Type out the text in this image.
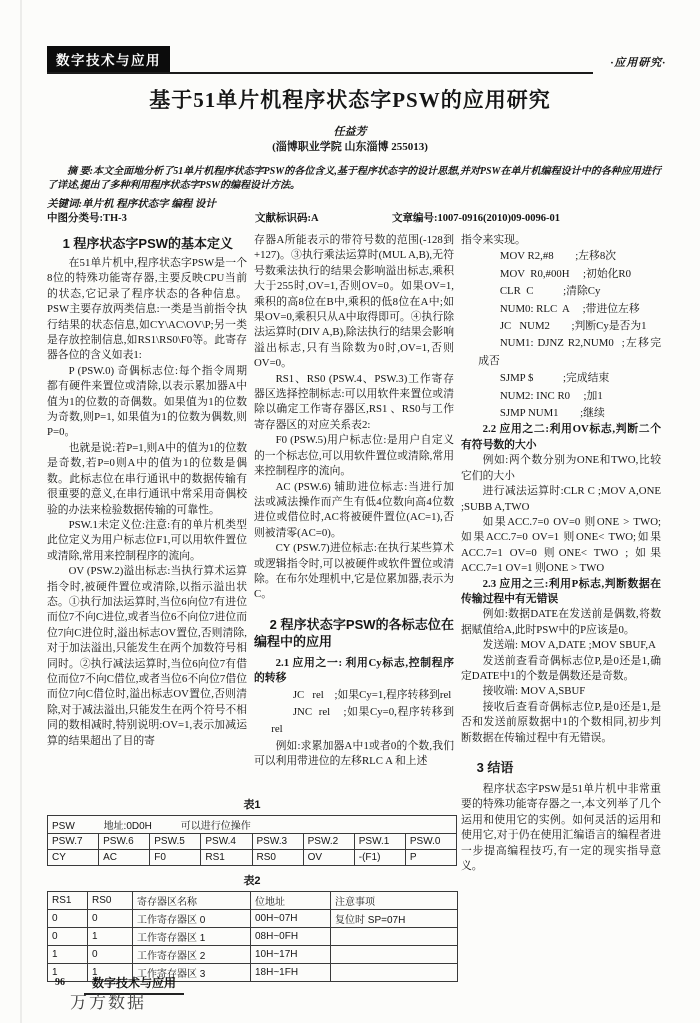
数字技术与应用	·应用研究·
基于51单片机程序状态字PSW的应用研究
任益芳
(淄博职业学院 山东淄博 255013)
摘 要:本文全面地分析了51单片机程序状态字PSW的各位含义,基于程序状态字的设计思想,并对PSW在单片机编程设计中的各种应用进行了详述,提出了多种利用程序状态字PSW的编程设计方法。
关键词:单片机 程序状态字 编程 设计
中图分类号:TH-3	文献标识码:A	文章编号:1007-0916(2010)09-0096-01
1 程序状态字PSW的基本定义

在51单片机中,程序状态字PSW是一个8位的特殊功能寄存器,主要反映CPU当前的状态,它记录了程序状态的各种信息。PSW主要存放两类信息:一类是当前指令执行结果的状态信息,如CY\AC\OV\P;另一类是存放控制信息,如RS1\RS0\F0等。此寄存器各位的含义如表1:

P (PSW.0) 奇偶标志位:每个指令周期都有硬件来置位或清除,以表示累加器A中值为1的位数的奇偶数。如果值为1的位数为奇数,则P=1, 如果值为1的位数为偶数,则P=0。

也就是说:若P=1,则A中的值为1的位数是奇数,若P=0则A中的值为1的位数是偶数。此标志位在串行通讯中的数据传输有很重要的意义,在串行通讯中常采用奇偶校验的办法来检验数据传输的可靠性。

PSW.1未定义位:注意:有的单片机类型此位定义为用户标志位F1,可以用软件置位或清除,常用来控制程序的流向。

OV (PSW.2)溢出标志:当执行算术运算指令时,被硬件置位或清除,以指示溢出状态。①执行加法运算时,当位6向位7有进位而位7不向C进位,或者当位6不向位7进位而位7向C进位时,溢出标志OV置位,否则清除,对于加法溢出,只能发生在两个加数符号相同时。②执行减法运算时,当位6向位7有借位而位7不向C借位,或者当位6不向位7借位而位7向C借位时,溢出标志OV置位,否则清除,对于减法溢出,只能发生在两个符号不相同的数相减时,特别说明:OV=1,表示加减运算的结果超出了目的寄

存器A所能表示的带符号数的范围(-128到+127)。③执行乘法运算时(MUL A,B),无符号数乘法执行的结果会影响溢出标志,乘积大于255时,OV=1,否则OV=0。如果OV=1,乘积的高8位在B中,乘积的低8位在A中;如果OV=0,乘积只从A中取得即可。④执行除法运算时(DIV A,B),除法执行的结果会影响溢出标志,只有当除数为0时,OV=1,否则OV=0。

RS1、RS0 (PSW.4、PSW.3)工作寄存器区选择控制标志:可以用软件来置位或清除以确定工作寄存器区,RS1 、RS0与工作寄存器区的对应关系表2:

F0 (PSW.5)用户标志位:是用户自定义的一个标志位,可以用软件置位或清除,常用来控制程序的流向。

AC (PSW.6) 辅助进位标志:当进行加法或减法操作而产生有低4位数向高4位数进位或借位时,AC将被硬件置位(AC=1),否则被清零(AC=0)。

CY (PSW.7)进位标志:在执行某些算术或逻辑指令时,可以被硬件或软件置位或清除。在布尔处理机中,它是位累加器,表示为C。

2 程序状态字PSW的各标志位在编程中的应用

2.1 应用之一: 利用Cy标志,控制程序的转移

JC   rel    ;如果Cy=1,程序转移到rel

JNC  rel    ;如果Cy=0,程序转移到rel

例如:求累加器A中1或者0的个数,我们可以利用带进位的左移RLC A 和上述

指令来实现。

MOV R2,#8        ;左移8次

MOV  R0,#00H     ;初始化R0

CLR  C           ;清除Cy

NUM0: RLC  A     ;带进位左移

JC   NUM2        ;判断Cy是否为1

NUM1: DJNZ R2,NUM0  ;左移完成否

SJMP $           ;完成结束

NUM2: INC R0     ;加1

SJMP NUM1        ;继续

2.2 应用之二:利用OV标志,判断二个有符号数的大小

例如:两个数分别为ONE和TWO,比较它们的大小

进行减法运算时:CLR C ;MOV A,ONE ;SUBB A,TWO

如果ACC.7=0 OV=0 则ONE > TWO; 如果ACC.7=0 OV=1 则ONE< TWO;如果ACC.7=1 OV=0 则ONE< TWO ; 如果ACC.7=1 OV=1 则ONE > TWO

2.3 应用之三:利用P标志,判断数据在传输过程中有无错误

例如:数据DATE在发送前是偶数,将数据赋值给A,此时PSW中的P应该是0。

发送端: MOV A,DATE ;MOV SBUF,A

发送前查看奇偶标志位P,是0还是1,确定DATE中1的个数是偶数还是奇数。

接收端: MOV A,SBUF

接收后查看奇偶标志位P,是0还是1,是否和发送前原数据中1的个数相同,初步判断数据在传输过程中有无错误。

3 结语

程序状态字PSW是51单片机中非常重要的特殊功能寄存器之一,本文列举了几个运用和使用它的实例。如何灵活的运用和使用它,对于仍在使用汇编语言的编程者进一步提高编程技巧,有一定的现实指导意义。

表1
PSW 地址:0D0H 可以进行位操作							
PSW.7	PSW.6	PSW.5	PSW.4	PSW.3	PSW.2	PSW.1	PSW.0
CY	AC	F0	RS1	RS0	OV	-(F1)	P
表2
RS1	RS0	寄存器区名称	位地址	注意事项
0	0	工作寄存器区 0	00H~07H	复位时 SP=07H
0	1	工作寄存器区 1	08H~0FH	
1	0	工作寄存器区 2	10H~17H	
1	1	工作寄存器区 3	18H~1FH	
96	数字技术与应用
万方数据
